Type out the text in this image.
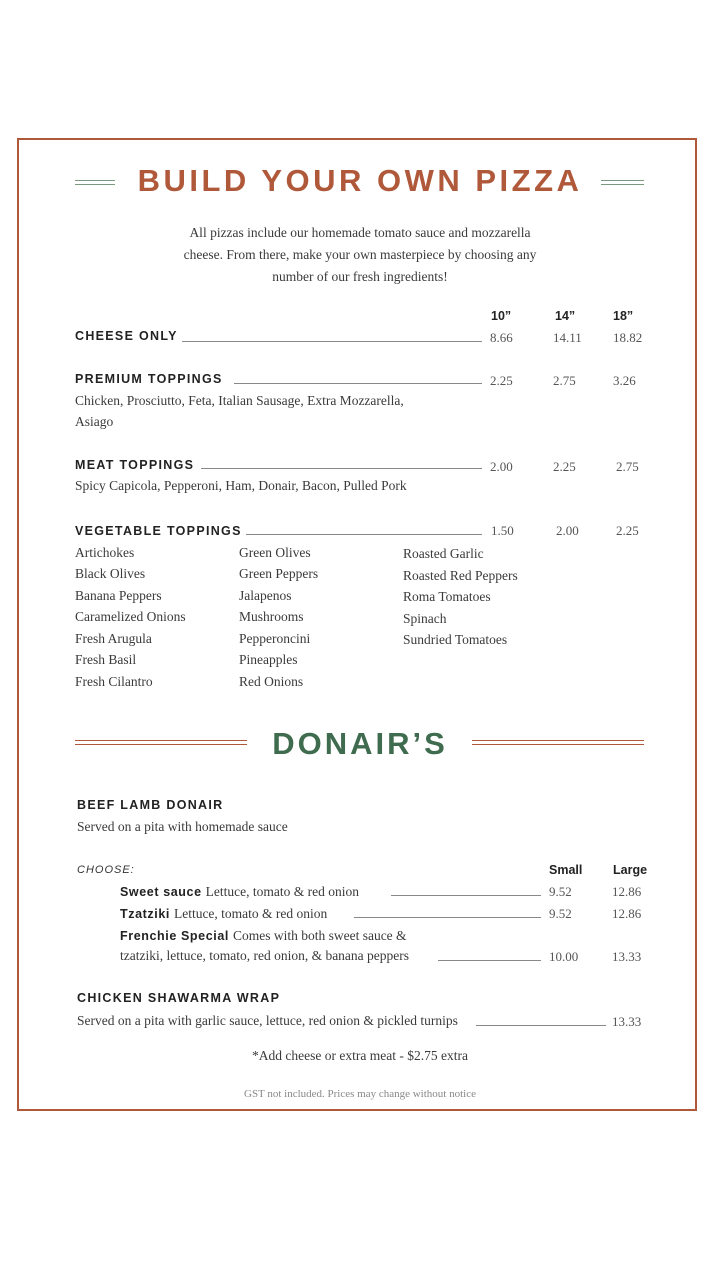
BUILD YOUR OWN PIZZA
All pizzas include our homemade tomato sauce and mozzarella
cheese. From there, make your own masterpiece by choosing any
number of our fresh ingredients!
10”	14”	18”
CHEESE ONLY	8.66	14.11 18.82
PREMIUM TOPPINGS	2.25	2.75	3.26
Chicken, Prosciutto, Feta, Italian Sausage, Extra Mozzarella,
Asiago
MEAT TOPPINGS	2.00	2.25	2.75
Spicy Capicola, Pepperoni, Ham, Donair, Bacon, Pulled Pork
VEGETABLE TOPPINGS	1.50	2.00	2.25
Artichokes
Black Olives
Banana Peppers
Caramelized Onions
Fresh Arugula
Fresh Basil
Fresh Cilantro
Green Olives
Green Peppers
Jalapenos
Mushrooms
Pepperoncini
Pineapples
Red Onions
Roasted Garlic
Roasted Red Peppers
Roma Tomatoes
Spinach
Sundried Tomatoes
DONAIR’S
BEEF LAMB DONAIR
Served on a pita with homemade sauce
CHOOSE:	Small Large
Sweet sauce Lettuce, tomato & red onion	9.52	12.86
Tzatziki Lettuce, tomato & red onion	9.52	12.86
Frenchie Special Comes with both sweet sauce &
tzatziki, lettuce, tomato, red onion, & banana peppers	10.00	13.33
CHICKEN SHAWARMA WRAP
Served on a pita with garlic sauce, lettuce, red onion & pickled turnips	13.33
*Add cheese or extra meat - $2.75 extra
GST not included. Prices may change without notice
